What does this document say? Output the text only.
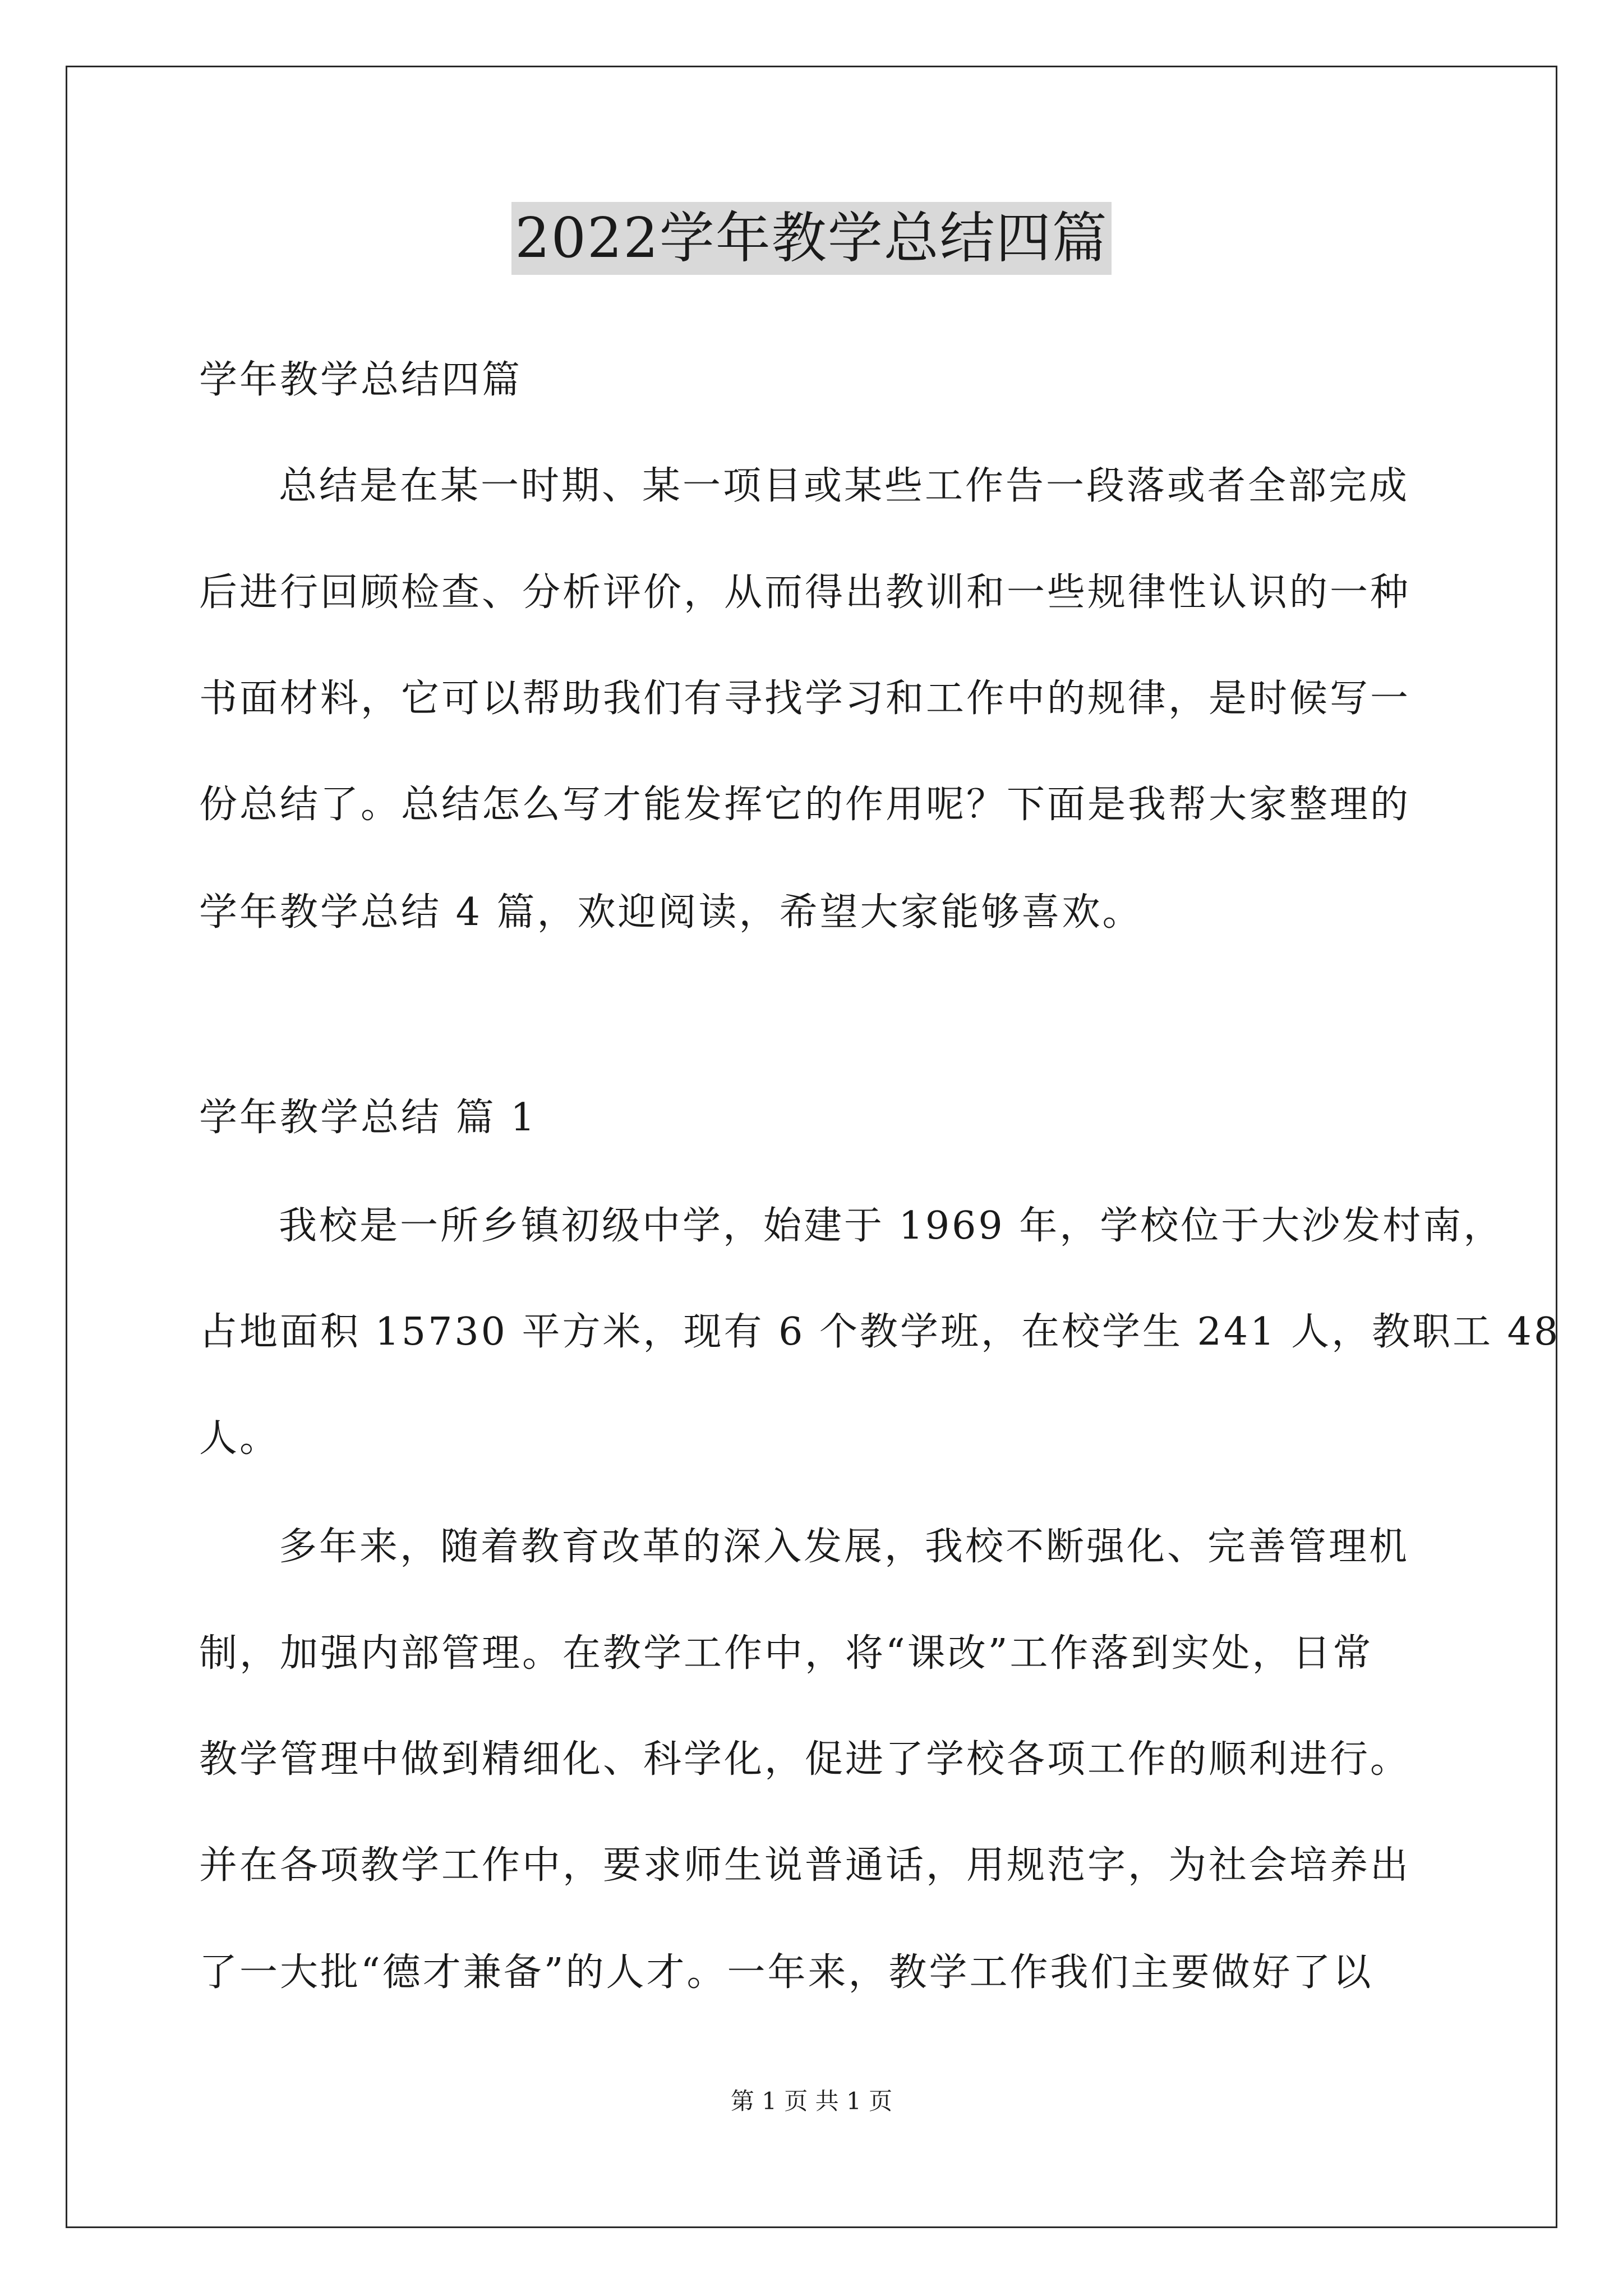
2022学年教学总结四篇
学年教学总结四篇
总结是在某一时期、某一项目或某些工作告一段落或者全部完成
后进行回顾检查、分析评价，从而得出教训和一些规律性认识的一种
书面材料，它可以帮助我们有寻找学习和工作中的规律，是时候写一
份总结了。总结怎么写才能发挥它的作用呢？下面是我帮大家整理的
学年教学总结 4 篇，欢迎阅读，希望大家能够喜欢。
学年教学总结 篇 1
我校是一所乡镇初级中学，始建于 1969 年，学校位于大沙发村南，
占地面积 15730 平方米，现有 6 个教学班，在校学生 241 人，教职工 48
人。
多年来，随着教育改革的深入发展，我校不断强化、完善管理机
制，加强内部管理。在教学工作中，将“课改”工作落到实处，日常
教学管理中做到精细化、科学化，促进了学校各项工作的顺利进行。
并在各项教学工作中，要求师生说普通话，用规范字，为社会培养出
了一大批“德才兼备”的人才。一年来，教学工作我们主要做好了以
第 1 页 共 1 页
